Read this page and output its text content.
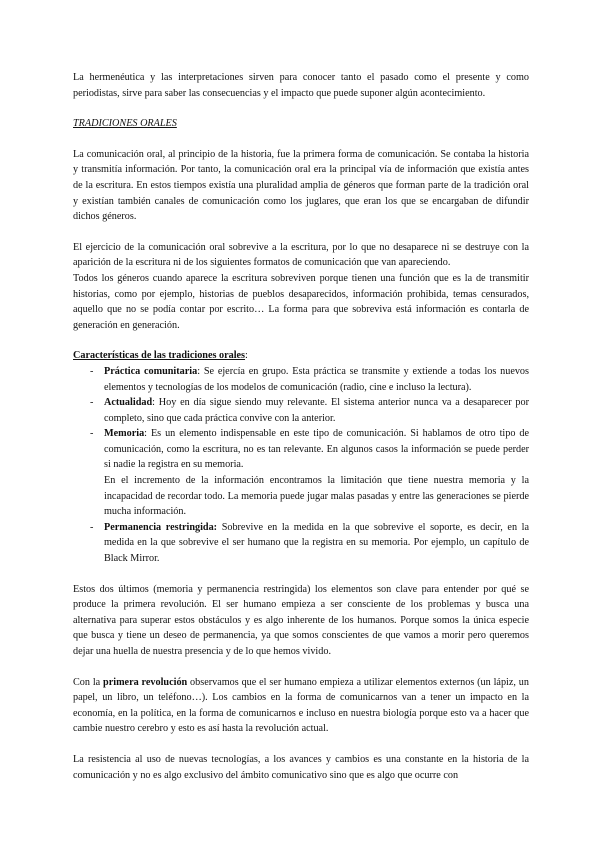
La hermenéutica y las interpretaciones sirven para conocer tanto el pasado como el presente y como periodistas, sirve para saber las consecuencias y el impacto que puede suponer algún acontecimiento.

TRADICIONES ORALES

La comunicación oral, al principio de la historia, fue la primera forma de comunicación. Se contaba la historia y transmitía información. Por tanto, la comunicación oral era la principal vía de información que existía antes de la escritura. En estos tiempos existía una pluralidad amplia de géneros que forman parte de la tradición oral y existían también canales de comunicación como los juglares, que eran los que se encargaban de difundir dichos géneros.

El ejercicio de la comunicación oral sobrevive a la escritura, por lo que no desaparece ni se destruye con la aparición de la escritura ni de los siguientes formatos de comunicación que van apareciendo.

Todos los géneros cuando aparece la escritura sobreviven porque tienen una función que es la de transmitir historias, como por ejemplo, historias de pueblos desaparecidos, información prohibida, temas censurados, aquello que no se podía contar por escrito… La forma para que sobreviva está información es contarla de generación en generación.

Características de las tradiciones orales:

- Práctica comunitaria: Se ejercía en grupo. Esta práctica se transmite y extiende a todas los nuevos elementos y tecnologías de los modelos de comunicación (radio, cine e incluso la lectura).
- Actualidad: Hoy en día sigue siendo muy relevante. El sistema anterior nunca va a desaparecer por completo, sino que cada práctica convive con la anterior.
- Memoria: Es un elemento indispensable en este tipo de comunicación. Si hablamos de otro tipo de comunicación, como la escritura, no es tan relevante. En algunos casos la información se puede perder si nadie la registra en su memoria.

En el incremento de la información encontramos la limitación que tiene nuestra memoria y la incapacidad de recordar todo. La memoria puede jugar malas pasadas y entre las generaciones se pierde mucha información.

- Permanencia restringida: Sobrevive en la medida en la que sobrevive el soporte, es decir, en la medida en la que sobrevive el ser humano que la registra en su memoria. Por ejemplo, un capítulo de Black Mirror.

Estos dos últimos (memoria y permanencia restringida) los elementos son clave para entender por qué se produce la primera revolución. El ser humano empieza a ser consciente de los problemas y busca una alternativa para superar estos obstáculos y es algo inherente de los humanos. Porque somos la única especie que busca y tiene un deseo de permanencia, ya que somos conscientes de que vamos a morir pero queremos dejar una huella de nuestra presencia y de lo que hemos vivido.

Con la primera revolución observamos que el ser humano empieza a utilizar elementos externos (un lápiz, un papel, un libro, un teléfono…). Los cambios en la forma de comunicarnos van a tener un impacto en la economía, en la política, en la forma de comunicarnos e incluso en nuestra biología porque esto va a hacer que cambie nuestro cerebro y esto es así hasta la revolución actual.

La resistencia al uso de nuevas tecnologías, a los avances y cambios es una constante en la historia de la comunicación y no es algo exclusivo del ámbito comunicativo sino que es algo que ocurre con
